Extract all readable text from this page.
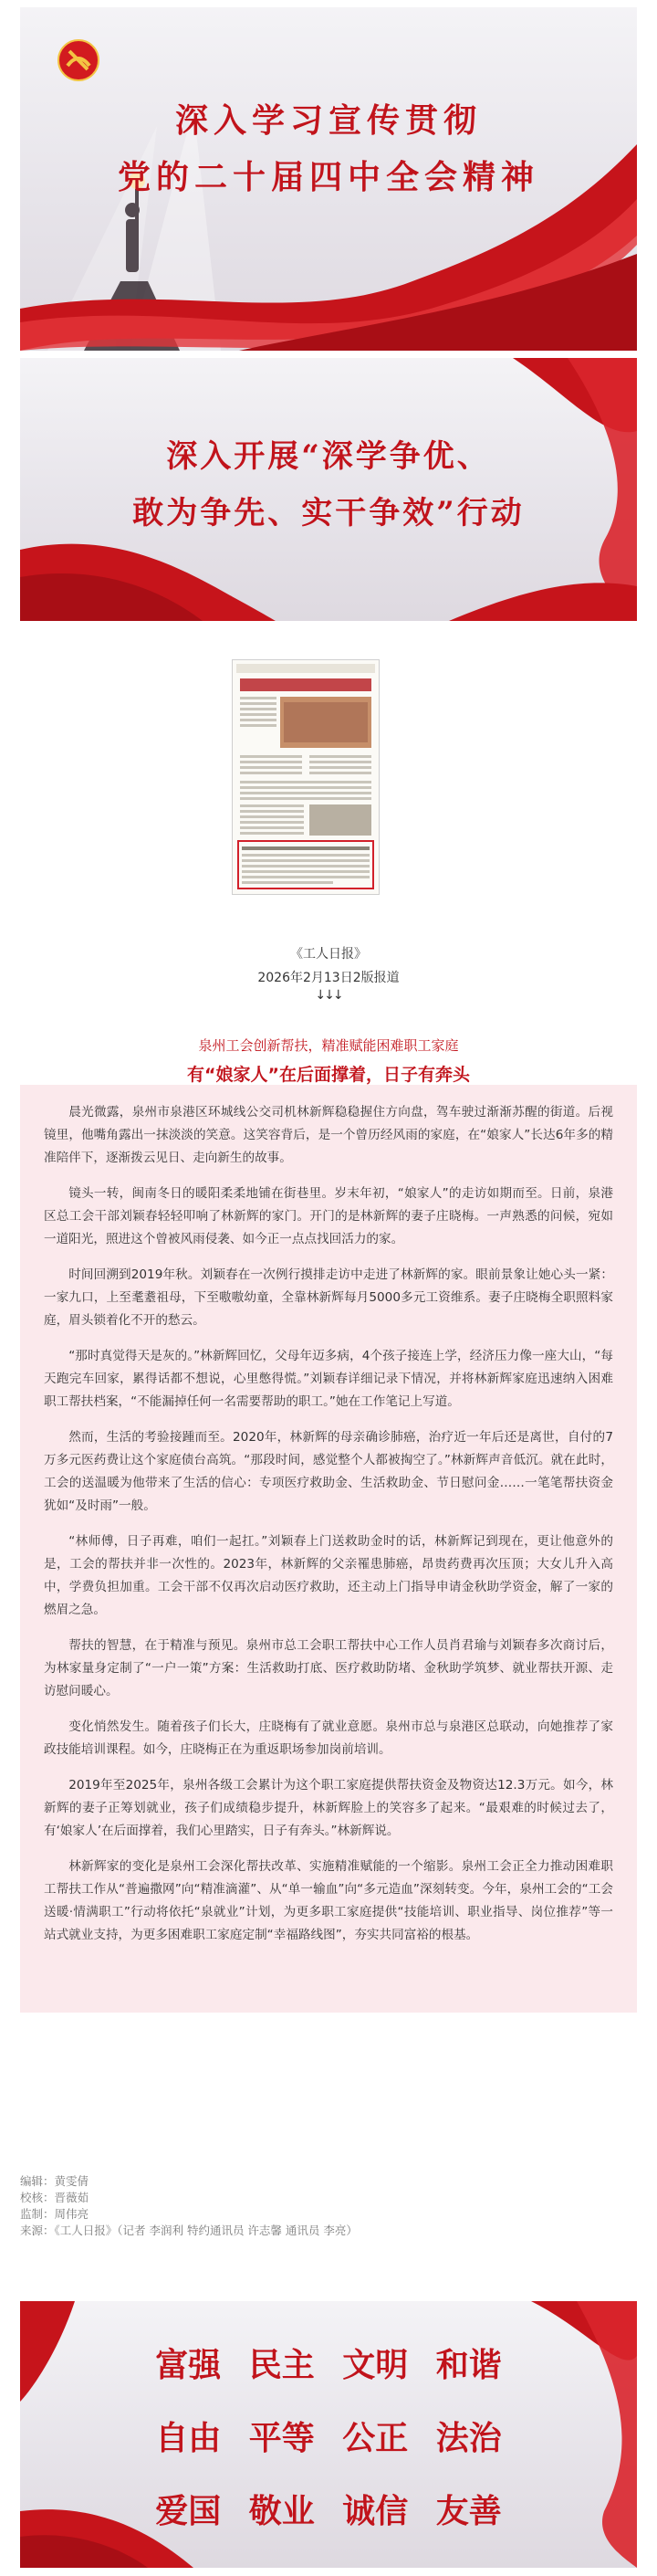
深入学习宣传贯彻
党的二十届四中全会精神
深入开展“深学争优、
敢为争先、实干争效”行动
《工人日报》
2026年2月13日2版报道
↓↓↓
泉州工会创新帮扶，精准赋能困难职工家庭
有“娘家人”在后面撑着，日子有奔头

晨光微露，泉州市泉港区环城线公交司机林新辉稳稳握住方向盘，驾车驶过渐渐苏醒的街道。后视镜里，他嘴角露出一抹淡淡的笑意。这笑容背后，是一个曾历经风雨的家庭，在“娘家人”长达6年多的精准陪伴下，逐渐拨云见日、走向新生的故事。

镜头一转，闽南冬日的暖阳柔柔地铺在街巷里。岁末年初，“娘家人”的走访如期而至。日前，泉港区总工会干部刘颖春轻轻叩响了林新辉的家门。开门的是林新辉的妻子庄晓梅。一声熟悉的问候，宛如一道阳光，照进这个曾被风雨侵袭、如今正一点点找回活力的家。

时间回溯到2019年秋。刘颖春在一次例行摸排走访中走进了林新辉的家。眼前景象让她心头一紧：一家九口，上至耄耋祖母，下至嗷嗷幼童，全靠林新辉每月5000多元工资维系。妻子庄晓梅全职照料家庭，眉头锁着化不开的愁云。

“那时真觉得天是灰的。”林新辉回忆，父母年迈多病，4个孩子接连上学，经济压力像一座大山，“每天跑完车回家，累得话都不想说，心里憋得慌。”刘颖春详细记录下情况，并将林新辉家庭迅速纳入困难职工帮扶档案，“不能漏掉任何一名需要帮助的职工。”她在工作笔记上写道。

然而，生活的考验接踵而至。2020年，林新辉的母亲确诊肺癌，治疗近一年后还是离世，自付的7万多元医药费让这个家庭债台高筑。“那段时间，感觉整个人都被掏空了。”林新辉声音低沉。就在此时，工会的送温暖为他带来了生活的信心：专项医疗救助金、生活救助金、节日慰问金……一笔笔帮扶资金犹如“及时雨”一般。

“林师傅，日子再难，咱们一起扛。”刘颖春上门送救助金时的话，林新辉记到现在，更让他意外的是，工会的帮扶并非一次性的。2023年，林新辉的父亲罹患肺癌，昂贵药费再次压顶；大女儿升入高中，学费负担加重。工会干部不仅再次启动医疗救助，还主动上门指导申请金秋助学资金，解了一家的燃眉之急。

帮扶的智慧，在于精准与预见。泉州市总工会职工帮扶中心工作人员肖君瑜与刘颖春多次商讨后，为林家量身定制了“一户一策”方案：生活救助打底、医疗救助防堵、金秋助学筑梦、就业帮扶开源、走访慰问暖心。

变化悄然发生。随着孩子们长大，庄晓梅有了就业意愿。泉州市总与泉港区总联动，向她推荐了家政技能培训课程。如今，庄晓梅正在为重返职场参加岗前培训。

2019年至2025年，泉州各级工会累计为这个职工家庭提供帮扶资金及物资达12.3万元。如今，林新辉的妻子正筹划就业，孩子们成绩稳步提升，林新辉脸上的笑容多了起来。“最艰难的时候过去了，有‘娘家人’在后面撑着，我们心里踏实，日子有奔头。”林新辉说。

林新辉家的变化是泉州工会深化帮扶改革、实施精准赋能的一个缩影。泉州工会正全力推动困难职工帮扶工作从“普遍撒网”向“精准滴灌”、从“单一输血”向“多元造血”深刻转变。今年，泉州工会的“工会送暖·情满职工”行动将依托“泉就业”计划，为更多职工家庭提供“技能培训、职业指导、岗位推荐”等一站式就业支持，为更多困难职工家庭定制“幸福路线图”，夯实共同富裕的根基。

编辑：黄雯倩
校核：晋薇茹
监制：周伟亮
来源：《工人日报》（记者 李润利 特约通讯员 许志馨 通讯员 李亮）
富强 民主 文明 和谐
自由 平等 公正 法治
爱国 敬业 诚信 友善
